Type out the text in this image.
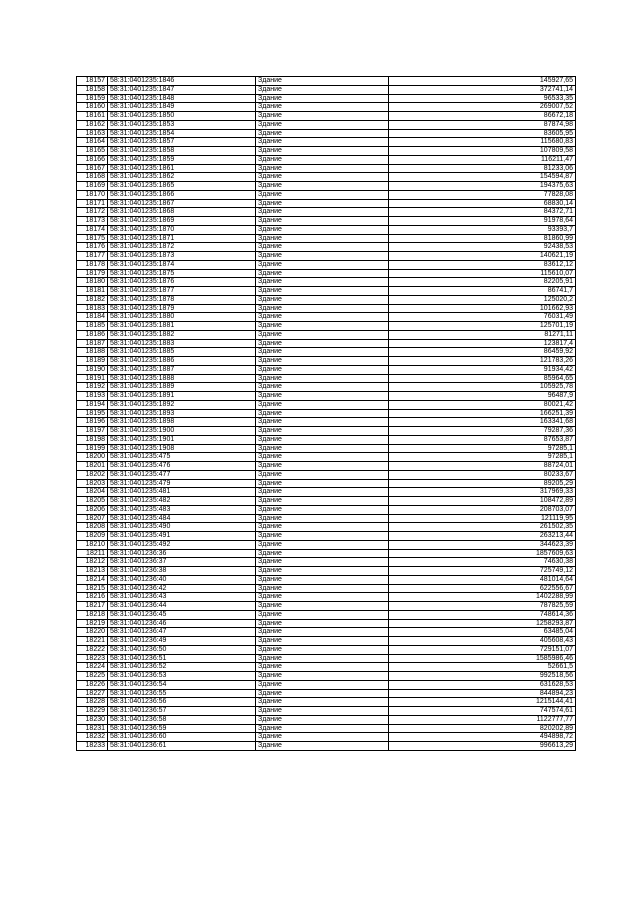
18157	58:31:0401235:1846	Здание	145927,65
18158	58:31:0401235:1847	Здание	372741,14
18159	58:31:0401235:1848	Здание	96533,35
18160	58:31:0401235:1849	Здание	269007,52
18161	58:31:0401235:1850	Здание	86672,18
18162	58:31:0401235:1853	Здание	87874,98
18163	58:31:0401235:1854	Здание	83605,95
18164	58:31:0401235:1857	Здание	115680,83
18165	58:31:0401235:1858	Здание	107809,58
18166	58:31:0401235:1859	Здание	116211,47
18167	58:31:0401235:1861	Здание	81233,06
18168	58:31:0401235:1862	Здание	154594,87
18169	58:31:0401235:1865	Здание	194375,63
18170	58:31:0401235:1866	Здание	77828,08
18171	58:31:0401235:1867	Здание	68830,14
18172	58:31:0401235:1868	Здание	84372,71
18173	58:31:0401235:1869	Здание	91978,64
18174	58:31:0401235:1870	Здание	93393,7
18175	58:31:0401235:1871	Здание	81860,99
18176	58:31:0401235:1872	Здание	92438,53
18177	58:31:0401235:1873	Здание	140621,19
18178	58:31:0401235:1874	Здание	83612,12
18179	58:31:0401235:1875	Здание	115610,07
18180	58:31:0401235:1876	Здание	82205,91
18181	58:31:0401235:1877	Здание	86741,7
18182	58:31:0401235:1878	Здание	125020,2
18183	58:31:0401235:1879	Здание	101662,93
18184	58:31:0401235:1880	Здание	76031,49
18185	58:31:0401235:1881	Здание	125701,19
18186	58:31:0401235:1882	Здание	81271,11
18187	58:31:0401235:1883	Здание	123817,4
18188	58:31:0401235:1885	Здание	86459,92
18189	58:31:0401235:1886	Здание	121783,26
18190	58:31:0401235:1887	Здание	91934,42
18191	58:31:0401235:1888	Здание	85964,65
18192	58:31:0401235:1889	Здание	105925,78
18193	58:31:0401235:1891	Здание	96487,9
18194	58:31:0401235:1892	Здание	80021,42
18195	58:31:0401235:1893	Здание	166251,39
18196	58:31:0401235:1898	Здание	163341,68
18197	58:31:0401235:1900	Здание	79287,36
18198	58:31:0401235:1901	Здание	87653,87
18199	58:31:0401235:1908	Здание	97285,1
18200	58:31:0401235:475	Здание	97285,1
18201	58:31:0401235:476	Здание	88724,01
18202	58:31:0401235:477	Здание	80233,67
18203	58:31:0401235:479	Здание	89205,29
18204	58:31:0401235:481	Здание	317969,33
18205	58:31:0401235:482	Здание	108472,89
18206	58:31:0401235:483	Здание	208703,07
18207	58:31:0401235:484	Здание	121119,95
18208	58:31:0401235:490	Здание	261502,35
18209	58:31:0401235:491	Здание	263213,44
18210	58:31:0401235:492	Здание	344623,39
18211	58:31:0401236:36	Здание	1857609,63
18212	58:31:0401236:37	Здание	74630,38
18213	58:31:0401236:38	Здание	725749,12
18214	58:31:0401236:40	Здание	481014,64
18215	58:31:0401236:42	Здание	622556,67
18216	58:31:0401236:43	Здание	1402288,99
18217	58:31:0401236:44	Здание	787825,59
18218	58:31:0401236:45	Здание	748614,36
18219	58:31:0401236:46	Здание	1258293,87
18220	58:31:0401236:47	Здание	63485,04
18221	58:31:0401236:49	Здание	405608,43
18222	58:31:0401236:50	Здание	729151,07
18223	58:31:0401236:51	Здание	1585986,46
18224	58:31:0401236:52	Здание	52661,5
18225	58:31:0401236:53	Здание	992518,56
18226	58:31:0401236:54	Здание	631628,53
18227	58:31:0401236:55	Здание	844894,23
18228	58:31:0401236:56	Здание	1215144,41
18229	58:31:0401236:57	Здание	747574,61
18230	58:31:0401236:58	Здание	1122777,77
18231	58:31:0401236:59	Здание	820202,89
18232	58:31:0401236:60	Здание	494898,72
18233	58:31:0401236:61	Здание	996613,29
